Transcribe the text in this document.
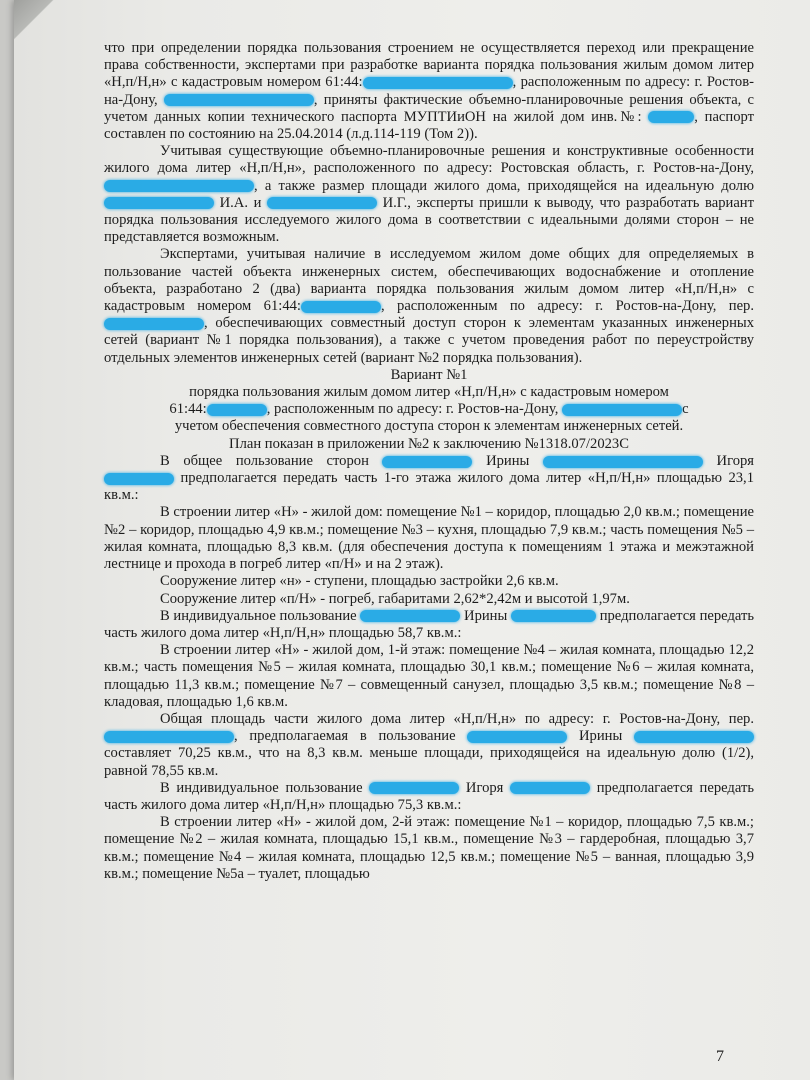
что при определении порядка пользования строением не осуществляется переход или прекращение права собственности, экспертами при разработке варианта порядка пользования жилым домом литер «Н,п/Н,н» с кадастровым номером 61:44:	, расположенным по адресу: г. Ростов-на-Дону,	, приняты фактические объемно-планировочные решения объекта, с учетом данных копии технического паспорта МУПТИиОН на жилой дом инв.№:	, паспорт составлен по состоянию на 25.04.2014 (л.д.114-119 (Том 2)).

Учитывая существующие объемно-планировочные решения и конструктивные особенности жилого дома литер «Н,п/Н,н», расположенного по адресу: Ростовская область, г. Ростов-на-Дону, , а также размер площади жилого дома, приходящейся на идеальную долю  И.А. и	И.Г., эксперты пришли к выводу, что разработать вариант порядка пользования исследуемого жилого дома в соответствии с идеальными долями сторон – не представляется возможным.

Экспертами, учитывая наличие в исследуемом жилом доме общих для определяемых в пользование частей объекта инженерных систем, обеспечивающих водоснабжение и отопление объекта, разработано 2 (два) варианта порядка пользования жилым домом литер «Н,п/Н,н» с кадастровым номером 61:44:	, расположенным по адресу: г. Ростов-на-Дону, пер. , обеспечивающих совместный доступ сторон к элементам указанных инженерных сетей (вариант №1 порядка пользования), а также с учетом проведения работ по переустройству отдельных элементов инженерных сетей (вариант №2 порядка пользования).

Вариант №1

порядка пользования жилым домом литер «Н,п/Н,н» с кадастровым номером

61:44:	, расположенным по адресу: г. Ростов-на-Дону,	с

учетом обеспечения совместного доступа сторон к элементам инженерных сетей.

План показан в приложении №2 к заключению №1318.07/2023С

В общее пользование сторон	Ирины	Игоря  предполагается передать часть 1-го этажа жилого дома литер «Н,п/Н,н» площадью 23,1 кв.м.:

В строении литер «Н» - жилой дом: помещение №1 – коридор, площадью 2,0 кв.м.; помещение №2 – коридор, площадью 4,9 кв.м.; помещение №3 – кухня, площадью 7,9 кв.м.; часть помещения №5 – жилая комната, площадью 8,3 кв.м. (для обеспечения доступа к помещениям 1 этажа и межэтажной лестнице и прохода в погреб литер «п/Н» и на 2 этаж).

Сооружение литер «н» - ступени, площадью застройки 2,6 кв.м.

Сооружение литер «п/Н» - погреб, габаритами 2,62*2,42м и высотой 1,97м.

В индивидуальное пользование	Ирины	предполагается передать часть жилого дома литер «Н,п/Н,н» площадью 58,7 кв.м.:

В строении литер «Н» - жилой дом, 1-й этаж: помещение №4 – жилая комната, площадью 12,2 кв.м.; часть помещения №5 – жилая комната, площадью 30,1 кв.м.; помещение №6 – жилая комната, площадью 11,3 кв.м.; помещение №7 – совмещенный санузел, площадью 3,5 кв.м.; помещение №8 – кладовая, площадью 1,6 кв.м.

Общая площадь части жилого дома литер «Н,п/Н,н» по адресу: г. Ростов-на-Дону, пер. , предполагаемая в пользование	Ирины  составляет 70,25 кв.м., что на 8,3 кв.м. меньше площади, приходящейся на идеальную долю (1/2), равной 78,55 кв.м.

В индивидуальное пользование	Игоря	предполагается передать часть жилого дома литер «Н,п/Н,н» площадью 75,3 кв.м.:

В строении литер «Н» - жилой дом, 2-й этаж: помещение №1 – коридор, площадью 7,5 кв.м.; помещение №2 – жилая комната, площадью 15,1 кв.м., помещение №3 – гардеробная, площадью 3,7 кв.м.; помещение №4 – жилая комната, площадью 12,5 кв.м.; помещение №5 – ванная, площадью 3,9 кв.м.; помещение №5а – туалет, площадью

7
